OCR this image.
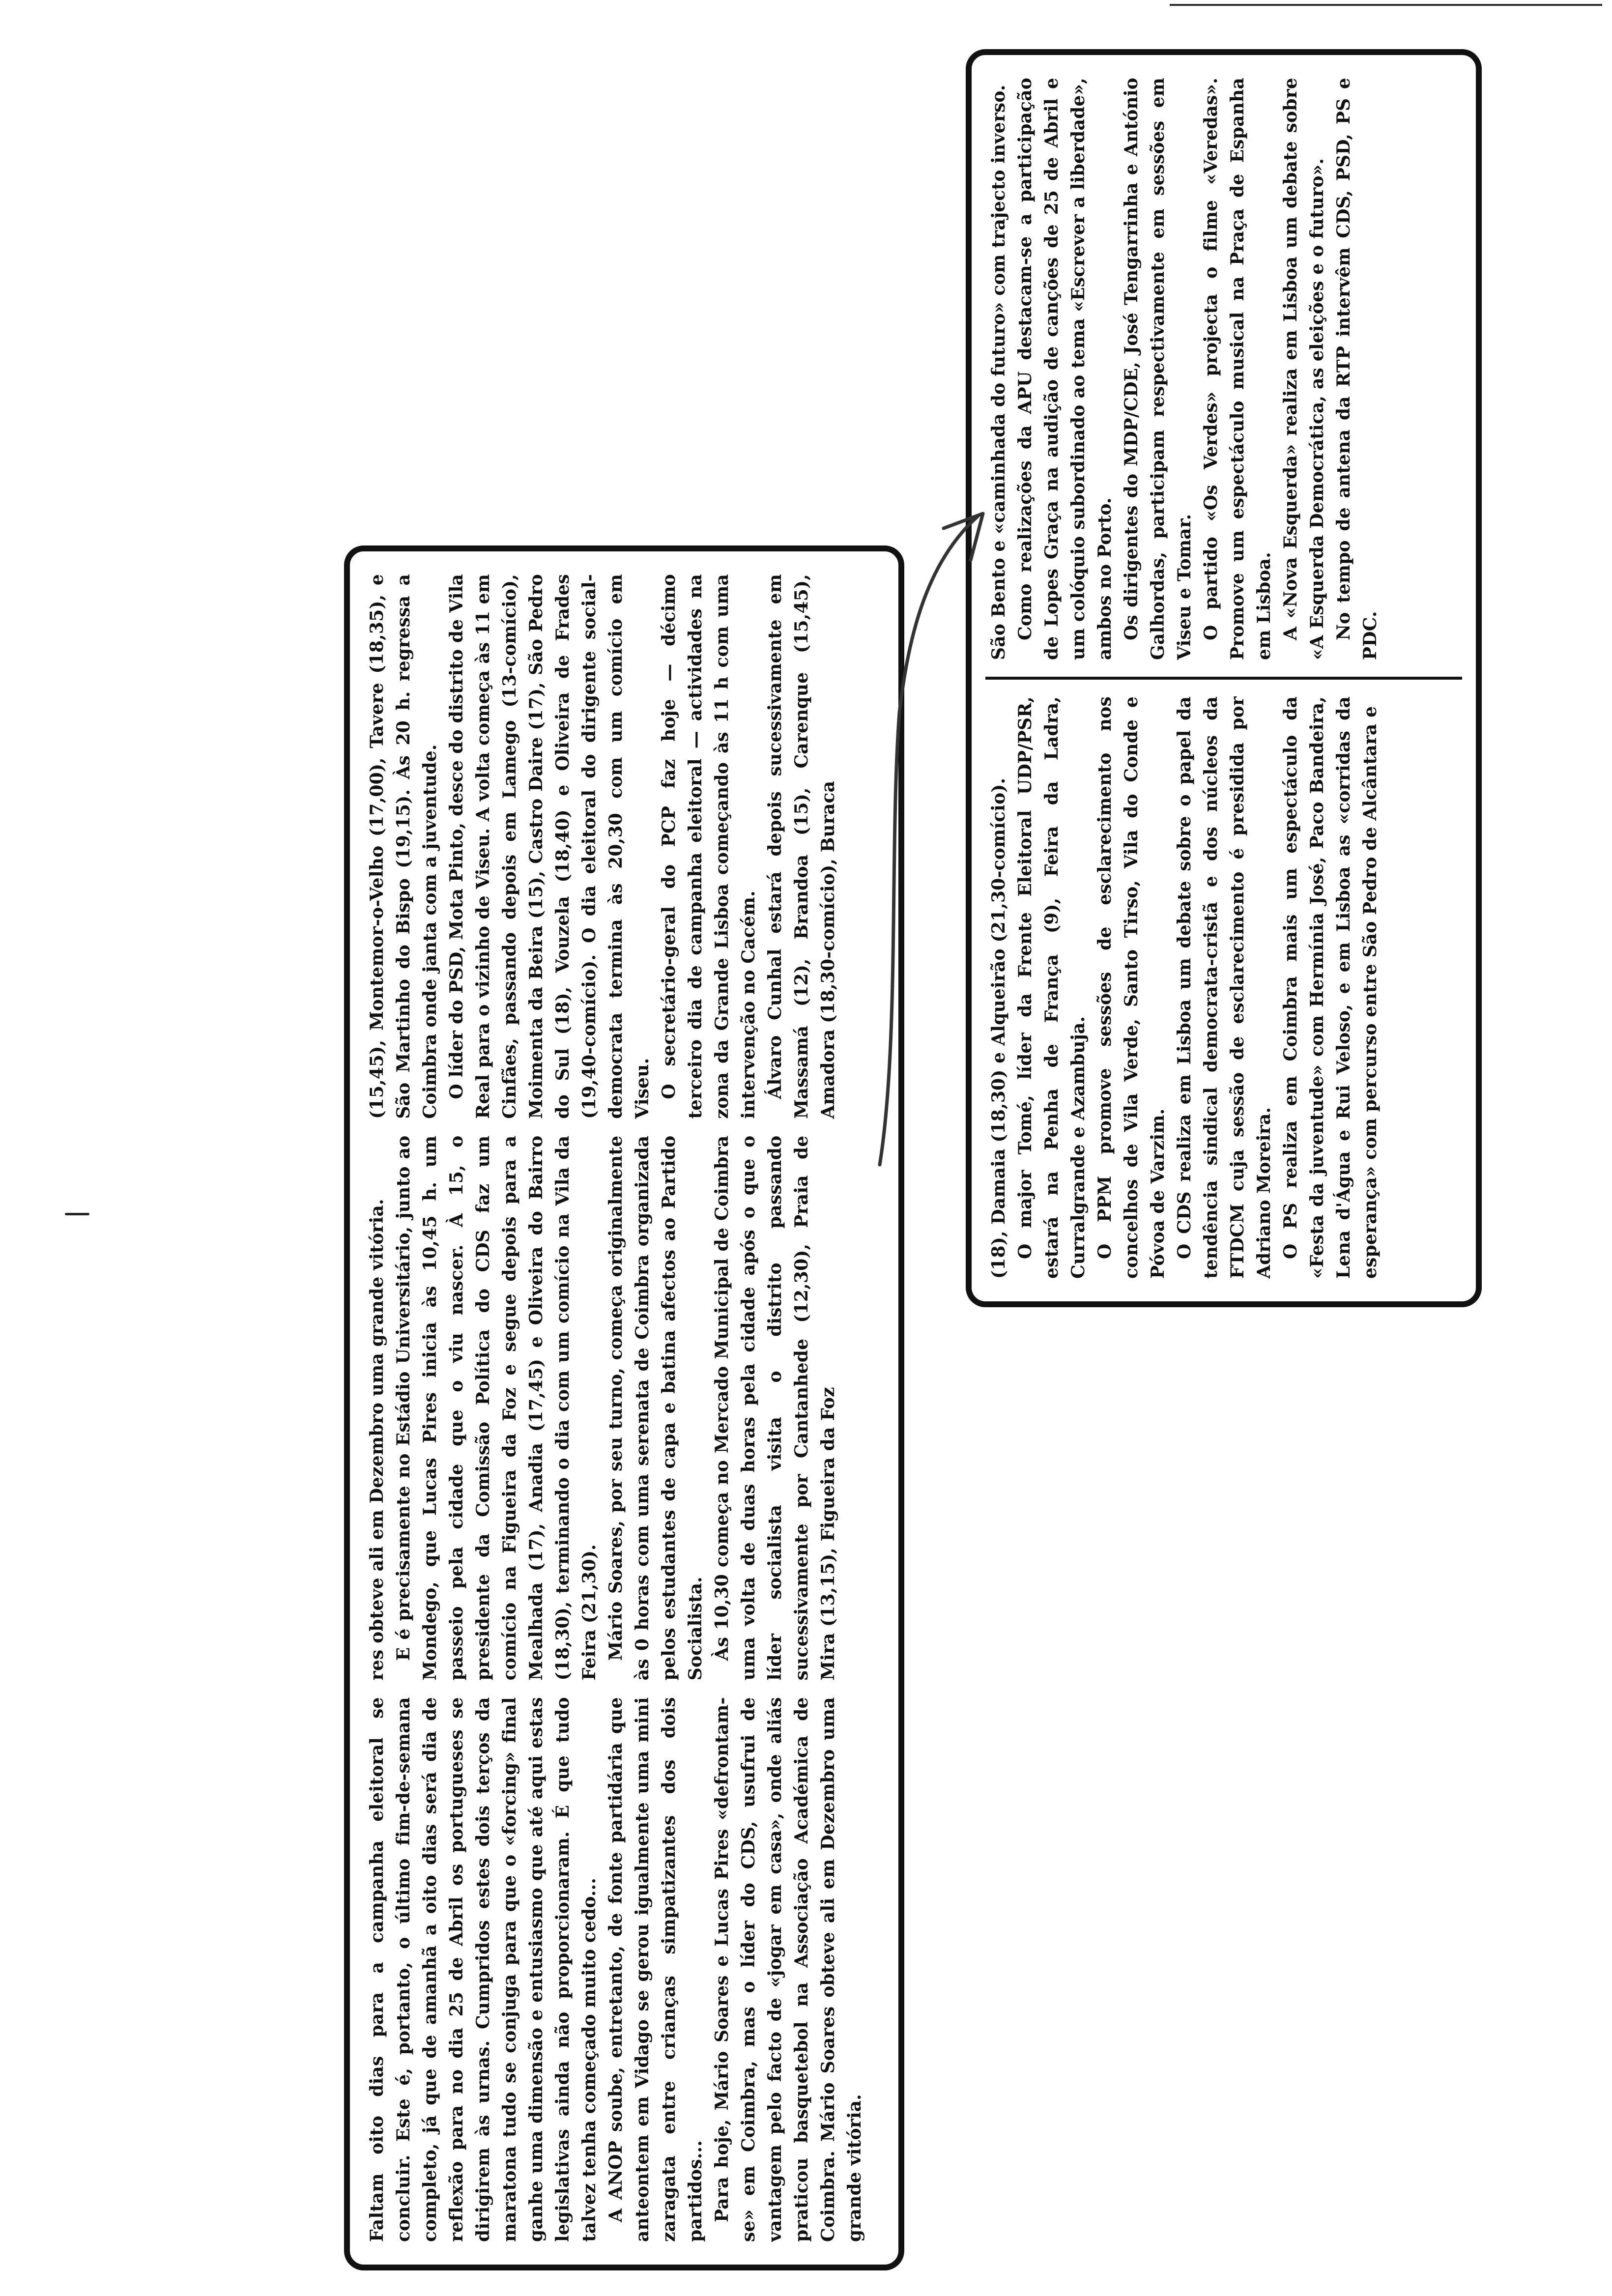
Faltam oito dias para a campanha eleitoral se concluir. Este é, portanto, o último fim-de-semana completo, já que de amanhã a oito dias será dia de reflexão para no dia 25 de Abril os portugueses se dirigirem às urnas. Cumpridos estes dois terços da maratona tudo se conjuga para que o «forcing» final ganhe uma dimensão e entusiasmo que até aqui estas legislativas ainda não proporcionaram. É que tudo talvez tenha começado muito cedo... A ANOP soube, entretanto, de fonte partidária que anteontem em Vidago se gerou igualmente uma mini zaragata entre crianças simpatizantes dos dois partidos... Para hoje, Mário Soares e Lucas Pires «defrontam-se» em Coimbra, mas o líder do CDS, usufrui de vantagem pelo facto de «jogar em casa», onde aliás praticou basquetebol na Associação Académica de Coimbra. Mário Soares obteve ali em Dezembro uma grande vitória.

res obteve ali em Dezembro uma grande vitória. E é precisamente no Estádio Universitário, junto ao Mondego, que Lucas Pires inicia às 10,45 h. um passeio pela cidade que o viu nascer. À 15, o presidente da Comissão Política do CDS faz um comício na Figueira da Foz e segue depois para a Mealhada (17), Anadia (17,45) e Oliveira do Bairro (18,30), terminando o dia com um comício na Vila da Feira (21,30). Mário Soares, por seu turno, começa originalmente às 0 horas com uma serenata de Coimbra organizada pelos estudantes de capa e batina afectos ao Partido Socialista. Às 10,30 começa no Mercado Municipal de Coimbra uma volta de duas horas pela cidade após o que o líder socialista visita o distrito passando sucessivamente por Cantanhede (12,30), Praia de Mira (13,15), Figueira da Foz

(15,45), Montemor-o-Velho (17,00), Tavere (18,35), e São Martinho do Bispo (19,15). Às 20 h. regressa a Coimbra onde janta com a juventude. O líder do PSD, Mota Pinto, desce do distrito de Vila Real para o vizinho de Viseu. A volta começa às 11 em Cinfães, passando depois em Lamego (13-comício), Moimenta da Beira (15), Castro Daire (17), São Pedro do Sul (18), Vouzela (18,40) e Oliveira de Frades (19,40-comício). O dia eleitoral do dirigente social-democrata termina às 20,30 com um comício em Viseu. O secretário-geral do PCP faz hoje — décimo terceiro dia de campanha eleitoral — actividades na zona da Grande Lisboa começando às 11 h com uma intervenção no Cacém. Álvaro Cunhal estará depois sucessivamente em Massamá (12), Brandoa (15), Carenque (15,45), Amadora (18,30-comício), Buraca	(18), Damaia (18,30) e Alqueirão (21,30-comício). O major Tomé, líder da Frente Eleitoral UDP/PSR, estará na Penha de França (9), Feira da Ladra, Curralgrande e Azambuja. O PPM promove sessões de esclarecimento nos concelhos de Vila Verde, Santo Tirso, Vila do Conde e Póvoa de Varzim. O CDS realiza em Lisboa um debate sobre o papel da tendência sindical democrata-cristã e dos núcleos da FTDCM cuja sessão de esclarecimento é presidida por Adriano Moreira. O PS realiza em Coimbra mais um espectáculo da «Festa da juventude» com Hermínia José, Paco Bandeira, Lena d'Água e Rui Veloso, e em Lisboa as «corridas da esperança» com percurso entre São Pedro de Alcântara e

São Bento e «caminhada do futuro» com trajecto inverso. Como realizações da APU destacam-se a participação de Lopes Graça na audição de canções de 25 de Abril e um colóquio subordinado ao tema «Escrever a liberdade», ambos no Porto. Os dirigentes do MDP/CDE, José Tengarrinha e António Galhordas, participam respectivamente em sessões em Viseu e Tomar. O partido «Os Verdes» projecta o filme «Veredas». Promove um espectáculo musical na Praça de Espanha em Lisboa. A «Nova Esquerda» realiza em Lisboa um debate sobre «A Esquerda Democrática, as eleições e o futuro». No tempo de antena da RTP intervêm CDS, PSD, PS e PDC.
